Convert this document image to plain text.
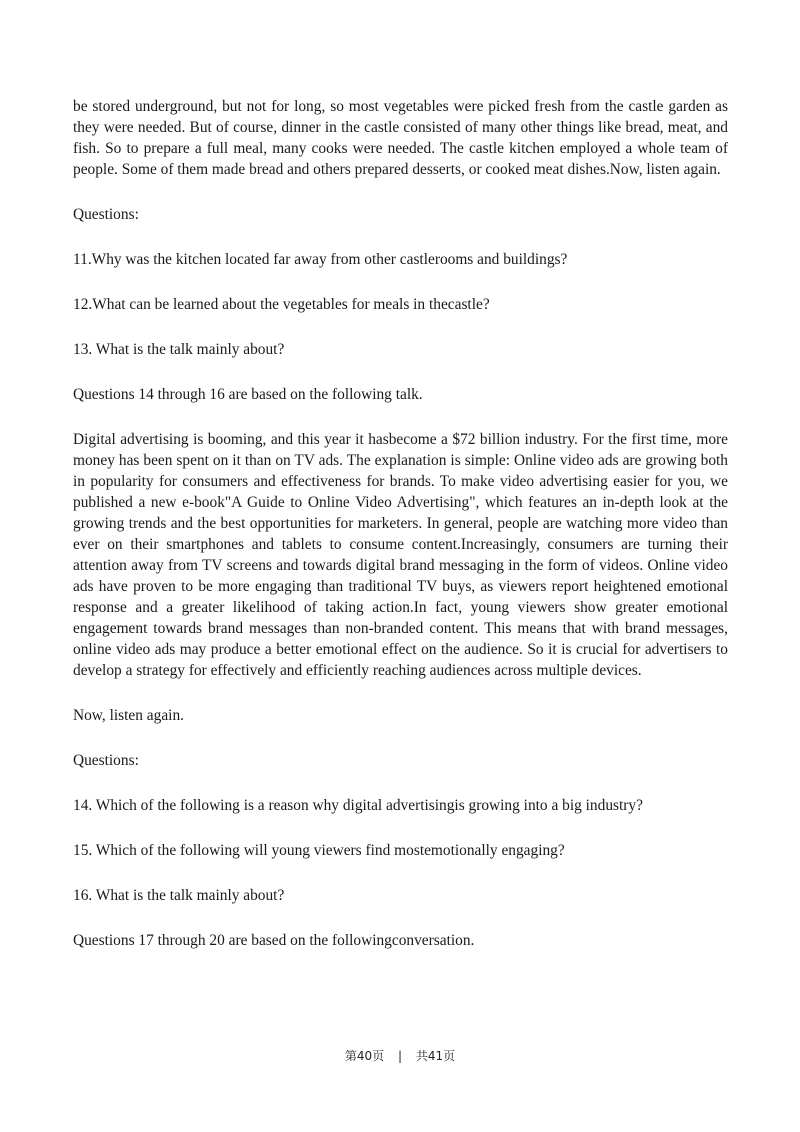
be stored underground, but not for long, so most vegetables were picked fresh from the castle garden as they were needed. But of course, dinner in the castle consisted of many other things like bread, meat, and fish. So to prepare a full meal, many cooks were needed. The castle kitchen employed a whole team of people. Some of them made bread and others prepared desserts, or cooked meat dishes.Now, listen again.

Questions:

11.Why was the kitchen located far away from other castlerooms and buildings?

12.What can be learned about the vegetables for meals in thecastle?

13. What is the talk mainly about?

Questions 14 through 16 are based on the following talk.

Digital advertising is booming, and this year it hasbecome a $72 billion industry. For the first time, more money has been spent on it than on TV ads. The explanation is simple: Online video ads are growing both in popularity for consumers and effectiveness for brands. To make video advertising easier for you, we published a new e-book"A Guide to Online Video Advertising", which features an in-depth look at the growing trends and the best opportunities for marketers. In general, people are watching more video than ever on their smartphones and tablets to consume content.Increasingly, consumers are turning their attention away from TV screens and towards digital brand messaging in the form of videos. Online video ads have proven to be more engaging than traditional TV buys, as viewers report heightened emotional response and a greater likelihood of taking action.In fact, young viewers show greater emotional engagement towards brand messages than non-branded content. This means that with brand messages, online video ads may produce a better emotional effect on the audience. So it is crucial for advertisers to develop a strategy for effectively and efficiently reaching audiences across multiple devices.

Now, listen again.

Questions:

14. Which of the following is a reason why digital advertisingis growing into a big industry?

15. Which of the following will young viewers find mostemotionally engaging?

16. What is the talk mainly about?

Questions 17 through 20 are based on the followingconversation.

第40页 | 共41页
